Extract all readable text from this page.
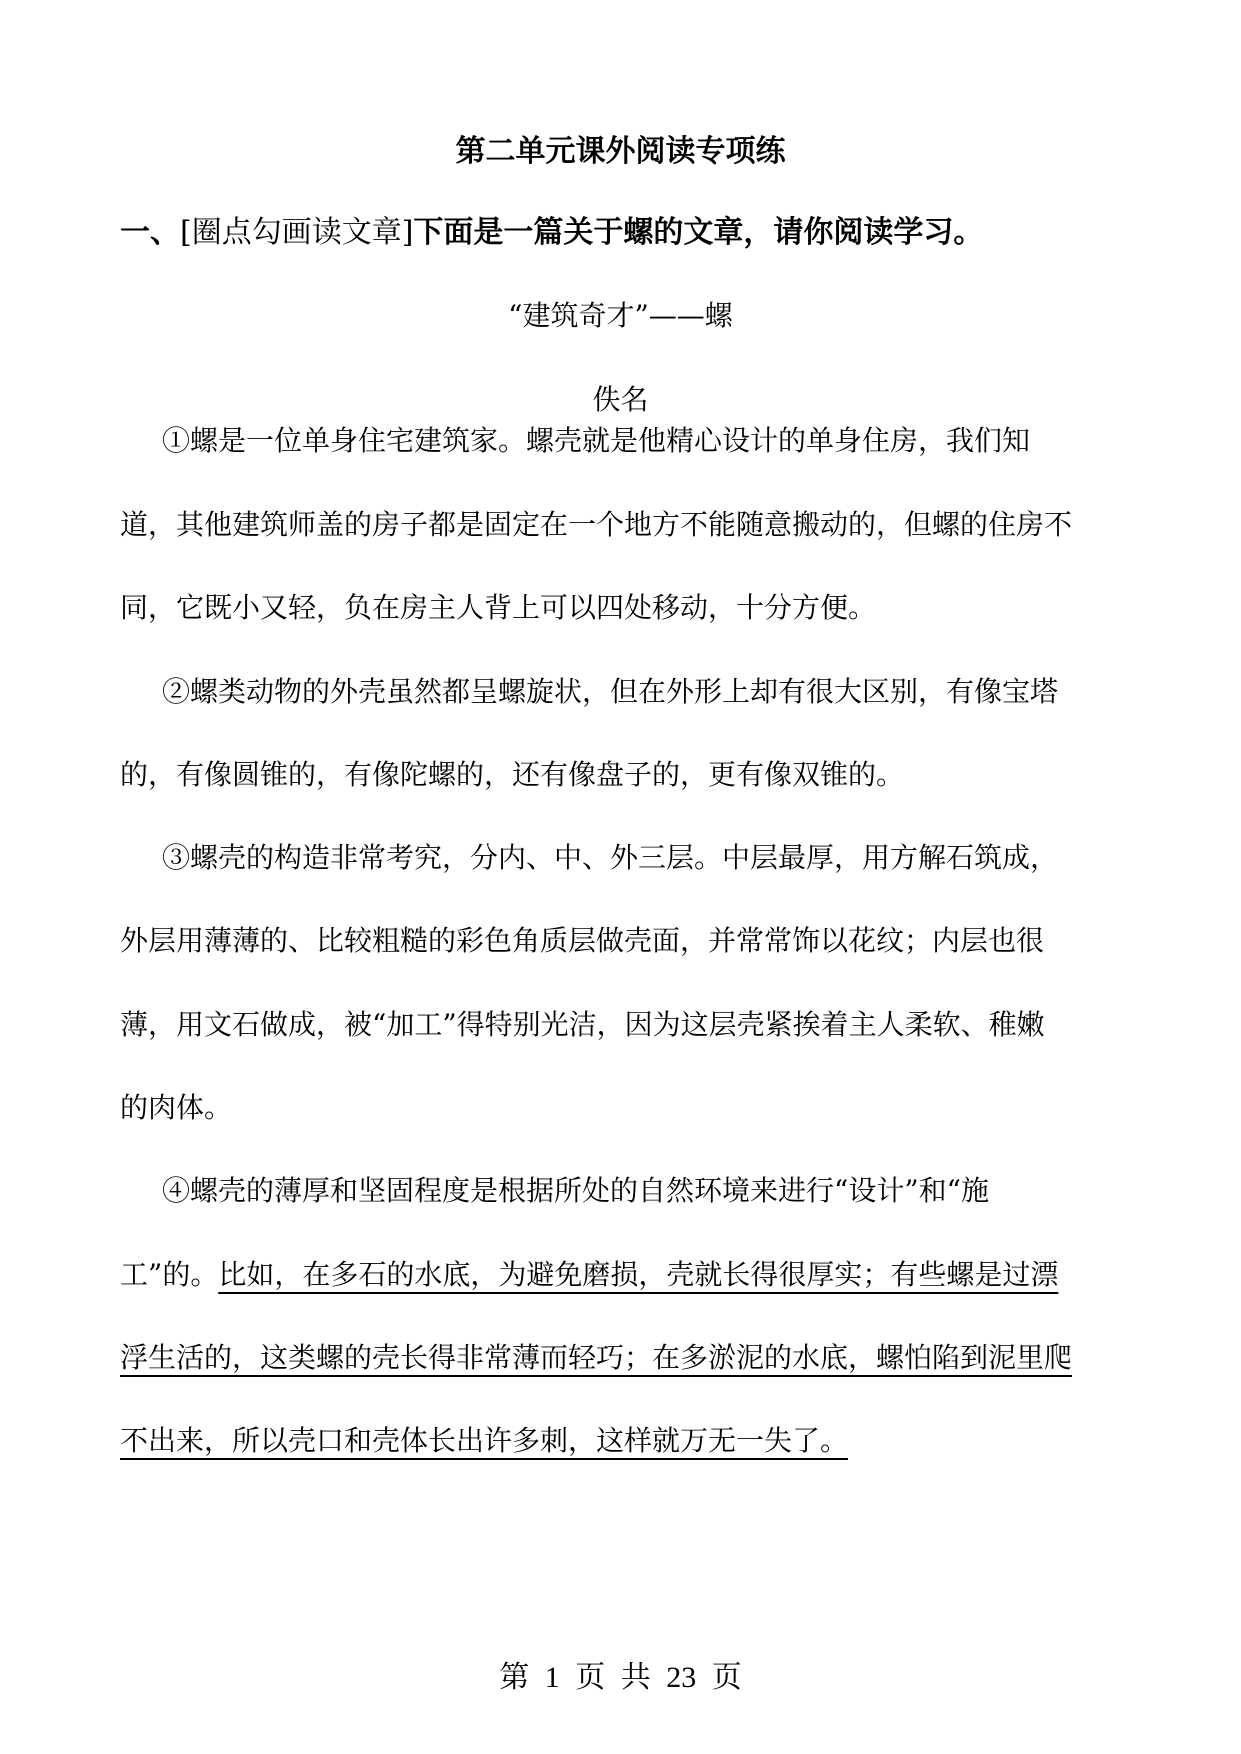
第二单元课外阅读专项练
一、[圈点勾画读文章]下面是一篇关于螺的文章，请你阅读学习。
“建筑奇才”——螺
佚名
①螺是一位单身住宅建筑家。螺壳就是他精心设计的单身住房，我们知
道，其他建筑师盖的房子都是固定在一个地方不能随意搬动的，但螺的住房不
同，它既小又轻，负在房主人背上可以四处移动，十分方便。
②螺类动物的外壳虽然都呈螺旋状，但在外形上却有很大区别，有像宝塔
的，有像圆锥的，有像陀螺的，还有像盘子的，更有像双锥的。
③螺壳的构造非常考究，分内、中、外三层。中层最厚，用方解石筑成，
外层用薄薄的、比较粗糙的彩色角质层做壳面，并常常饰以花纹；内层也很
薄，用文石做成，被“加工”得特别光洁，因为这层壳紧挨着主人柔软、稚嫩
的肉体。
④螺壳的薄厚和坚固程度是根据所处的自然环境来进行“设计”和“施
工”的。比如，在多石的水底，为避免磨损，壳就长得很厚实；有些螺是过漂
浮生活的，这类螺的壳长得非常薄而轻巧；在多淤泥的水底，螺怕陷到泥里爬
不出来，所以壳口和壳体长出许多刺，这样就万无一失了。
第 1 页 共 23 页
